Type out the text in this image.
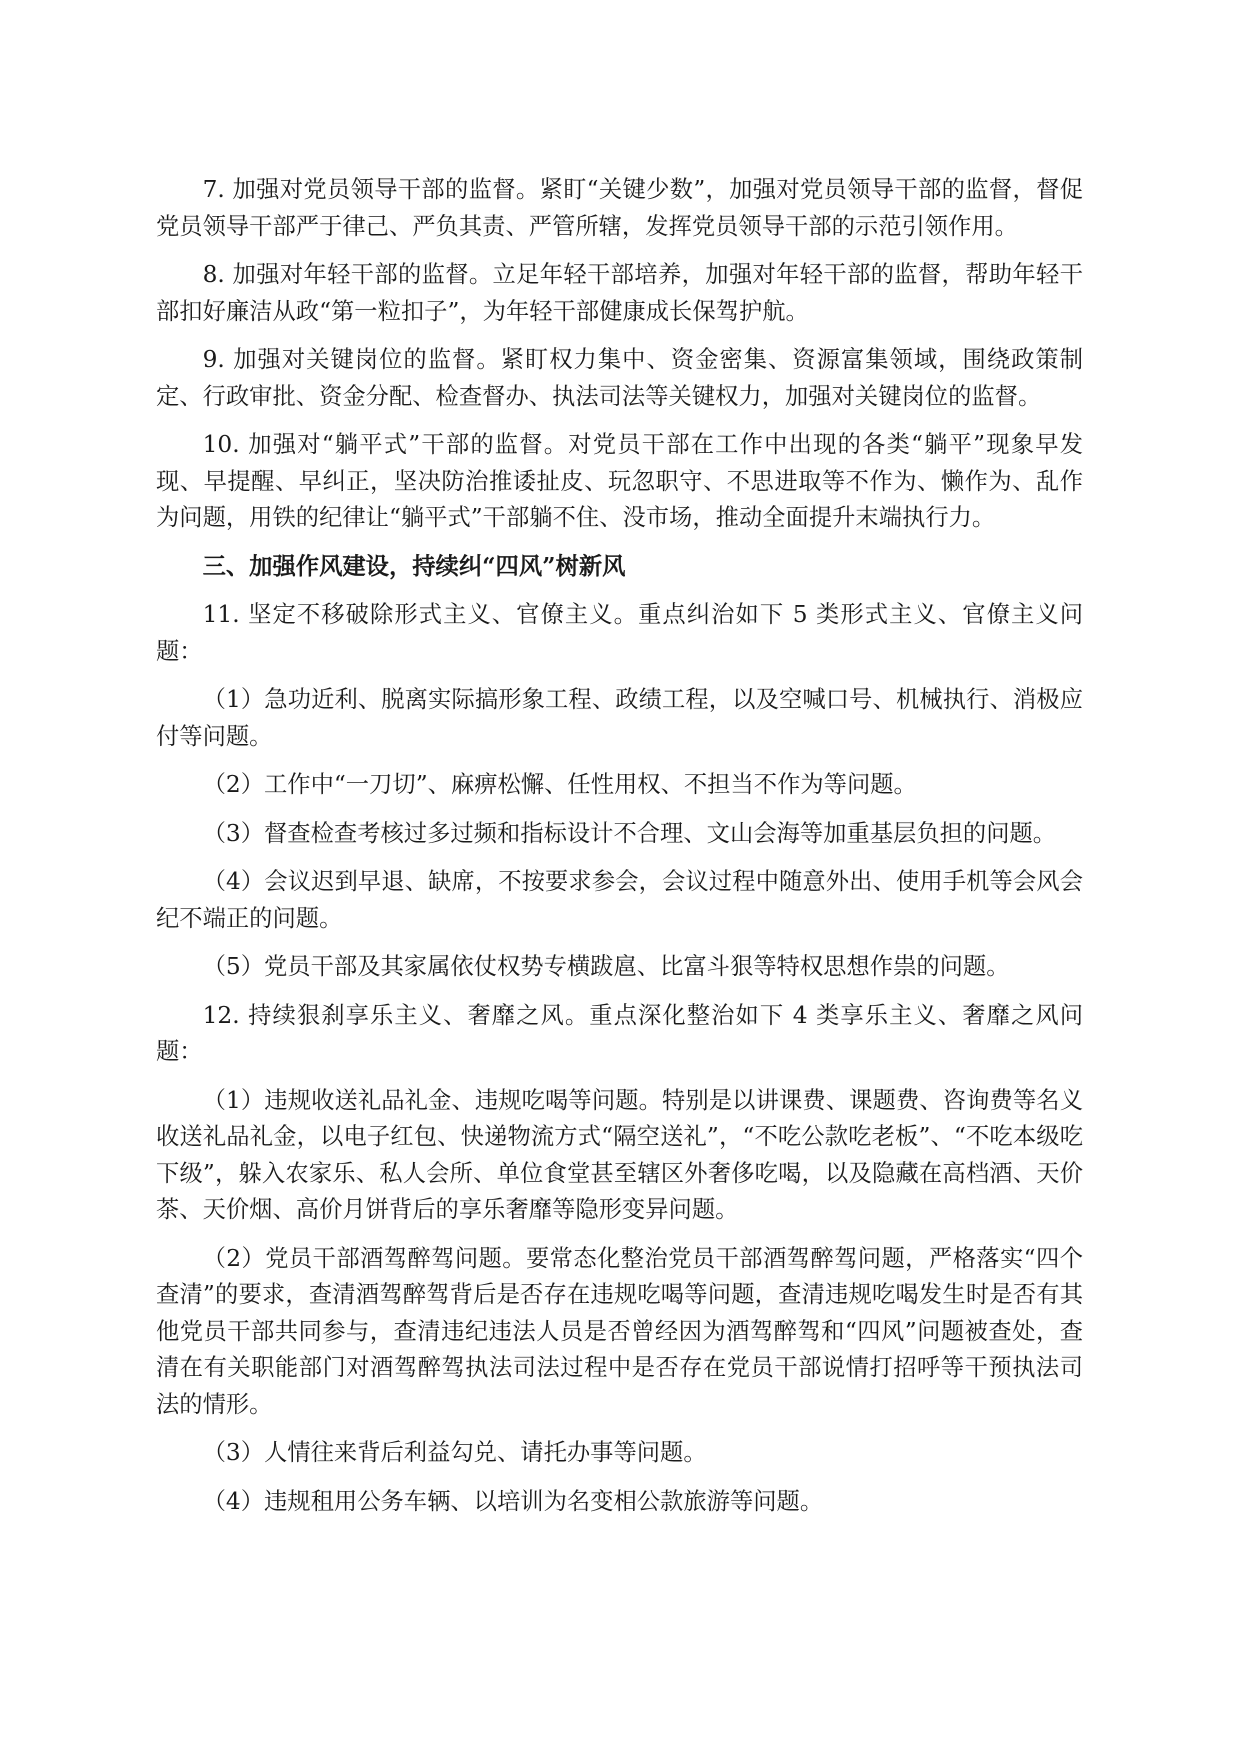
7. 加强对党员领导干部的监督。紧盯“关键少数”，加强对党员领导干部的监督，督促党员领导干部严于律己、严负其责、严管所辖，发挥党员领导干部的示范引领作用。

8. 加强对年轻干部的监督。立足年轻干部培养，加强对年轻干部的监督，帮助年轻干部扣好廉洁从政“第一粒扣子”，为年轻干部健康成长保驾护航。

9. 加强对关键岗位的监督。紧盯权力集中、资金密集、资源富集领域，围绕政策制定、行政审批、资金分配、检查督办、执法司法等关键权力，加强对关键岗位的监督。

10. 加强对“躺平式”干部的监督。对党员干部在工作中出现的各类“躺平”现象早发现、早提醒、早纠正，坚决防治推诿扯皮、玩忽职守、不思进取等不作为、懒作为、乱作为问题，用铁的纪律让“躺平式”干部躺不住、没市场，推动全面提升末端执行力。

三、加强作风建设，持续纠“四风”树新风

11. 坚定不移破除形式主义、官僚主义。重点纠治如下 5 类形式主义、官僚主义问题：

（1）急功近利、脱离实际搞形象工程、政绩工程，以及空喊口号、机械执行、消极应付等问题。

（2）工作中“一刀切”、麻痹松懈、任性用权、不担当不作为等问题。

（3）督查检查考核过多过频和指标设计不合理、文山会海等加重基层负担的问题。

（4）会议迟到早退、缺席，不按要求参会，会议过程中随意外出、使用手机等会风会纪不端正的问题。

（5）党员干部及其家属依仗权势专横跋扈、比富斗狠等特权思想作祟的问题。

12. 持续狠刹享乐主义、奢靡之风。重点深化整治如下 4 类享乐主义、奢靡之风问题：

（1）违规收送礼品礼金、违规吃喝等问题。特别是以讲课费、课题费、咨询费等名义收送礼品礼金，以电子红包、快递物流方式“隔空送礼”，“不吃公款吃老板”、“不吃本级吃下级”，躲入农家乐、私人会所、单位食堂甚至辖区外奢侈吃喝，以及隐藏在高档酒、天价茶、天价烟、高价月饼背后的享乐奢靡等隐形变异问题。

（2）党员干部酒驾醉驾问题。要常态化整治党员干部酒驾醉驾问题，严格落实“四个查清”的要求，查清酒驾醉驾背后是否存在违规吃喝等问题，查清违规吃喝发生时是否有其他党员干部共同参与，查清违纪违法人员是否曾经因为酒驾醉驾和“四风”问题被查处，查清在有关职能部门对酒驾醉驾执法司法过程中是否存在党员干部说情打招呼等干预执法司法的情形。

（3）人情往来背后利益勾兑、请托办事等问题。

（4）违规租用公务车辆、以培训为名变相公款旅游等问题。
